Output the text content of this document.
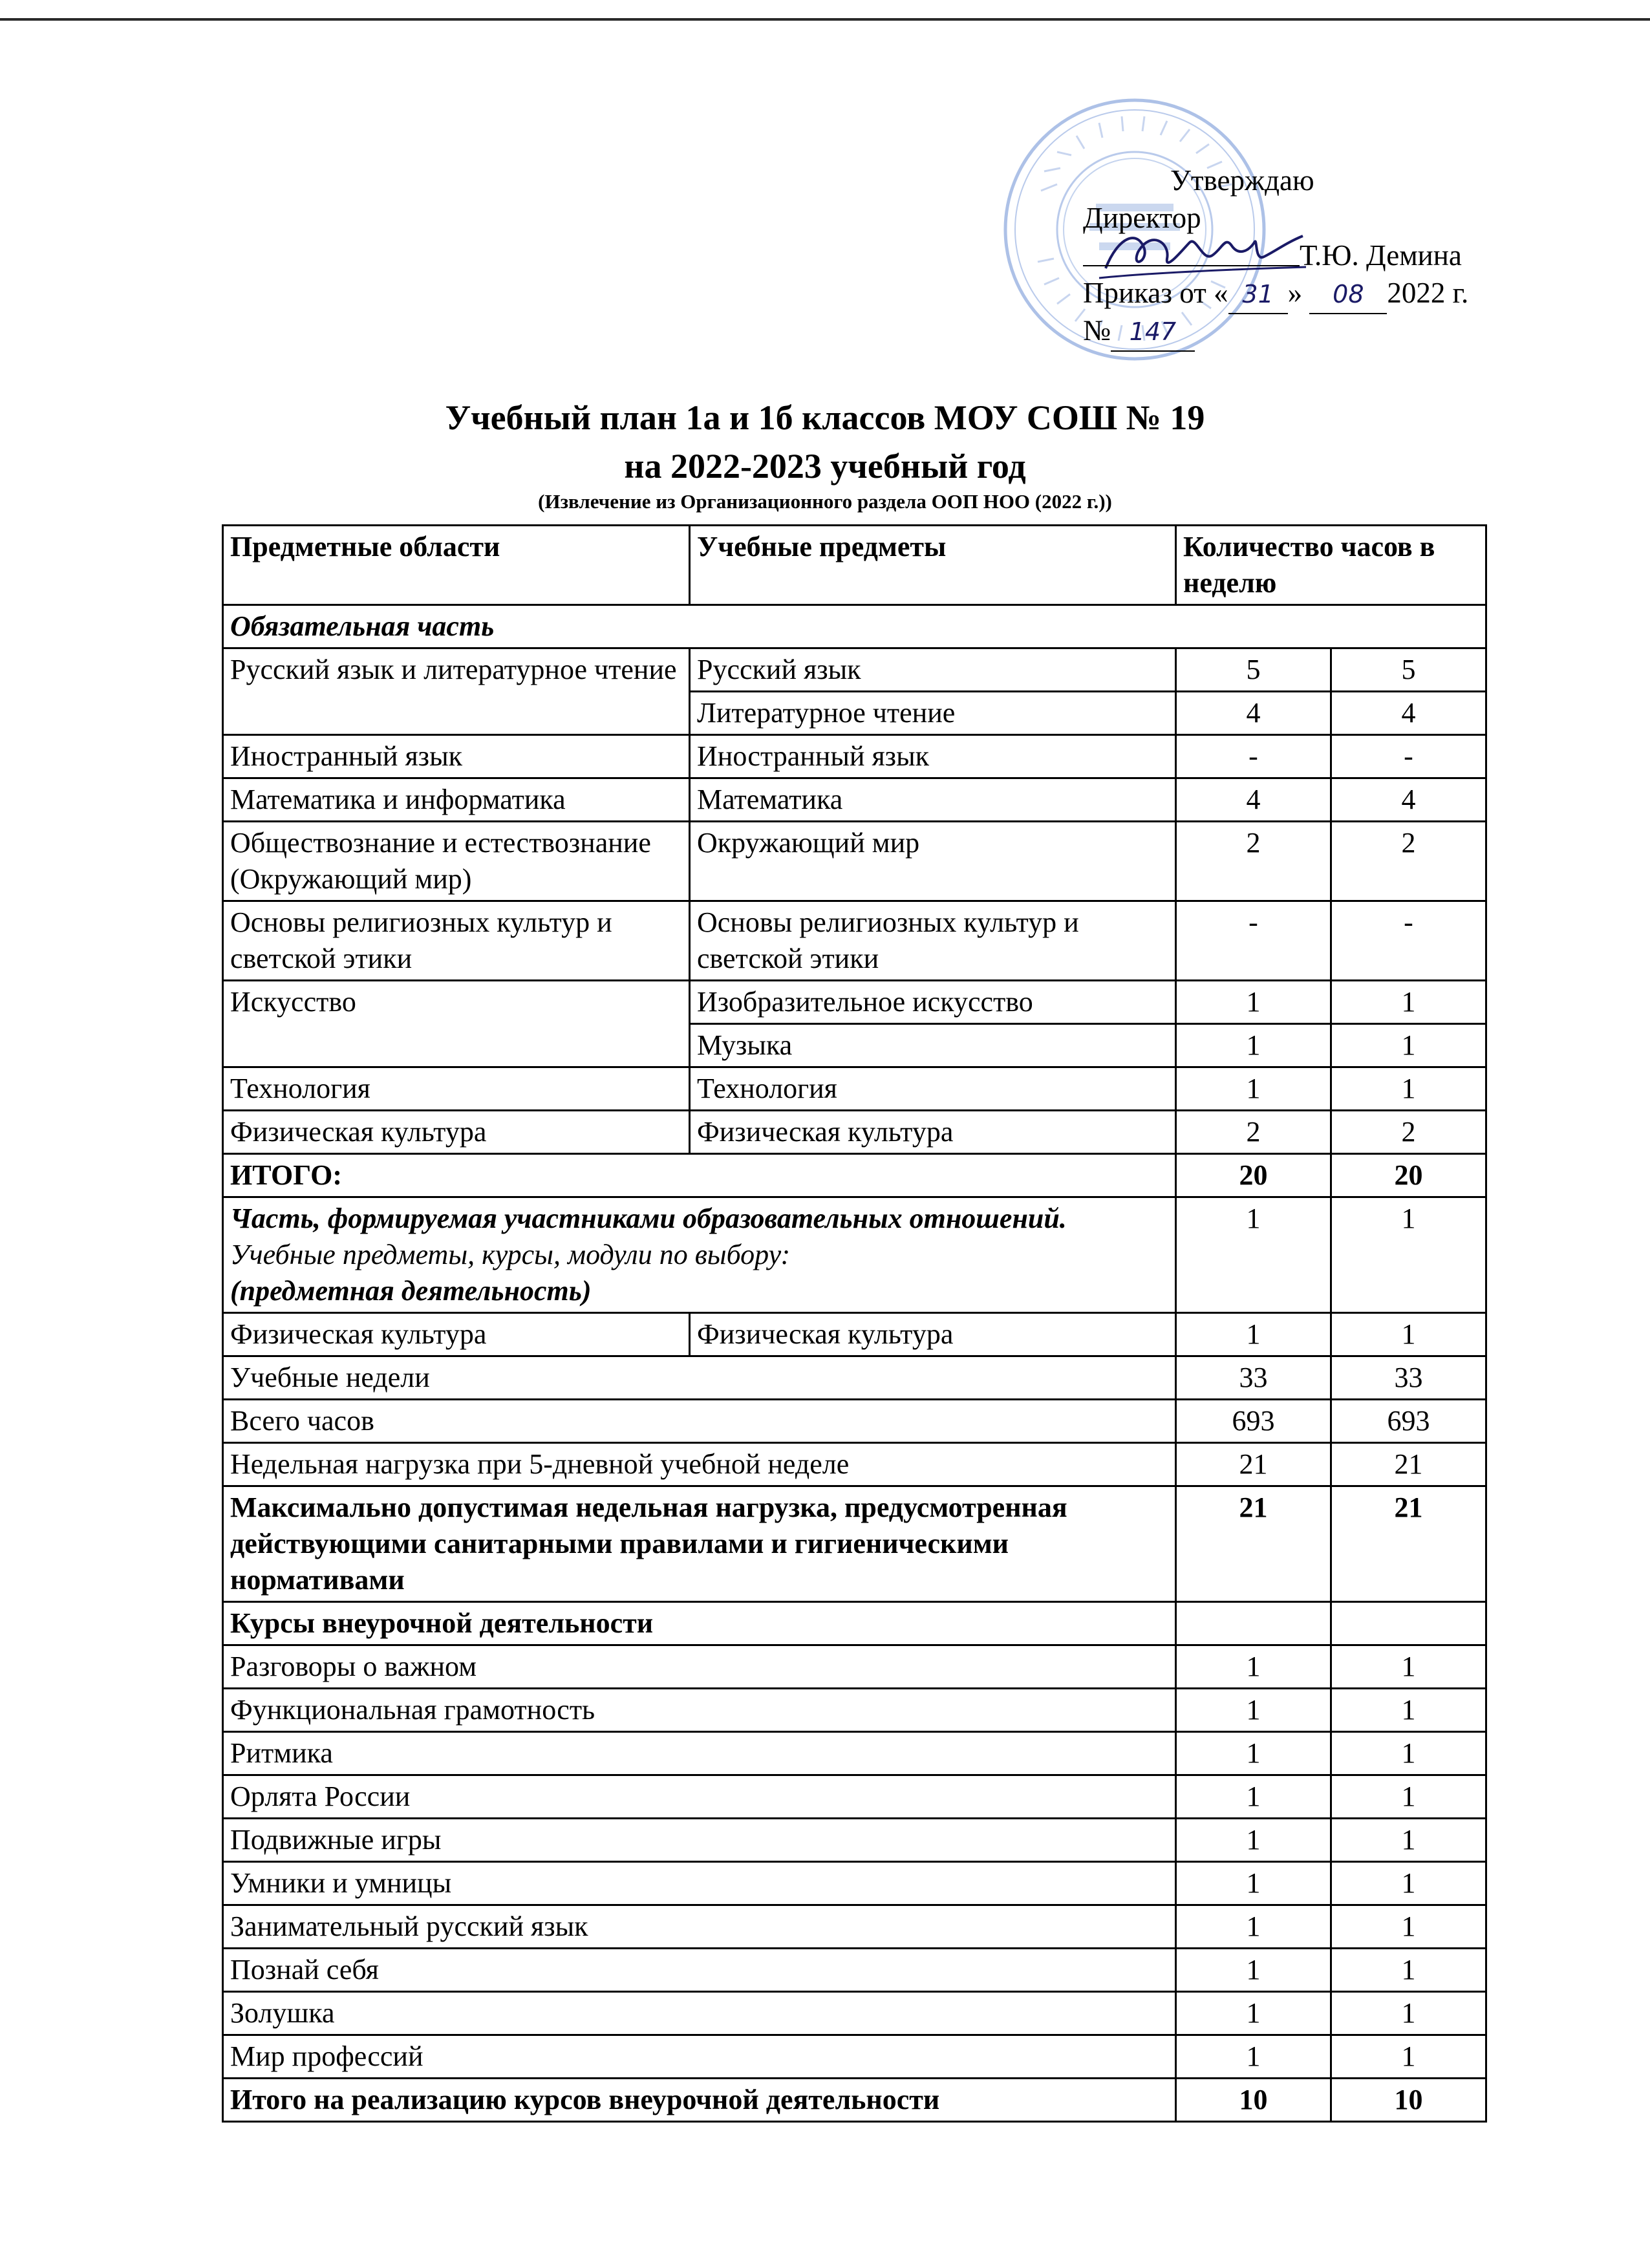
Утверждаю
Директор
Т.Ю. Демина
Приказ от « 31 » 08 2022 г.
№ 147
Учебный план 1а и 1б классов МОУ СОШ № 19
на 2022-2023 учебный год
(Извлечение из Организационного раздела ООП НОО (2022 г.))
Предметные области	Учебные предметы	Количество часов в неделю	
Обязательная часть			
Русский язык и литературное чтение	Русский язык	5	5
	Литературное чтение	4	4
Иностранный язык	Иностранный язык	-	-
Математика и информатика	Математика	4	4
Обществознание и естествознание (Окружающий мир)	Окружающий мир	2	2
Основы религиозных культур и светской этики	Основы религиозных культур и светской этики	-	-
Искусство	Изобразительное искусство	1	1
	Музыка	1	1
Технология	Технология	1	1
Физическая культура	Физическая культура	2	2
ИТОГО:		20	20
Часть, формируемая участниками образовательных отношений. Учебные предметы, курсы, модули по выбору:
(предметная деятельность)		1	1
Физическая культура	Физическая культура	1	1
Учебные недели		33	33
Всего часов		693	693
Недельная нагрузка при 5-дневной учебной неделе		21	21
Максимально допустимая недельная нагрузка, предусмотренная действующими санитарными правилами и гигиеническими нормативами		21	21
Курсы внеурочной деятельности			
Разговоры о важном		1	1
Функциональная грамотность		1	1
Ритмика		1	1
Орлята России		1	1
Подвижные игры		1	1
Умники и умницы		1	1
Занимательный русский язык		1	1
Познай себя		1	1
Золушка		1	1
Мир профессий		1	1
Итого на реализацию курсов внеурочной деятельности		10	10
